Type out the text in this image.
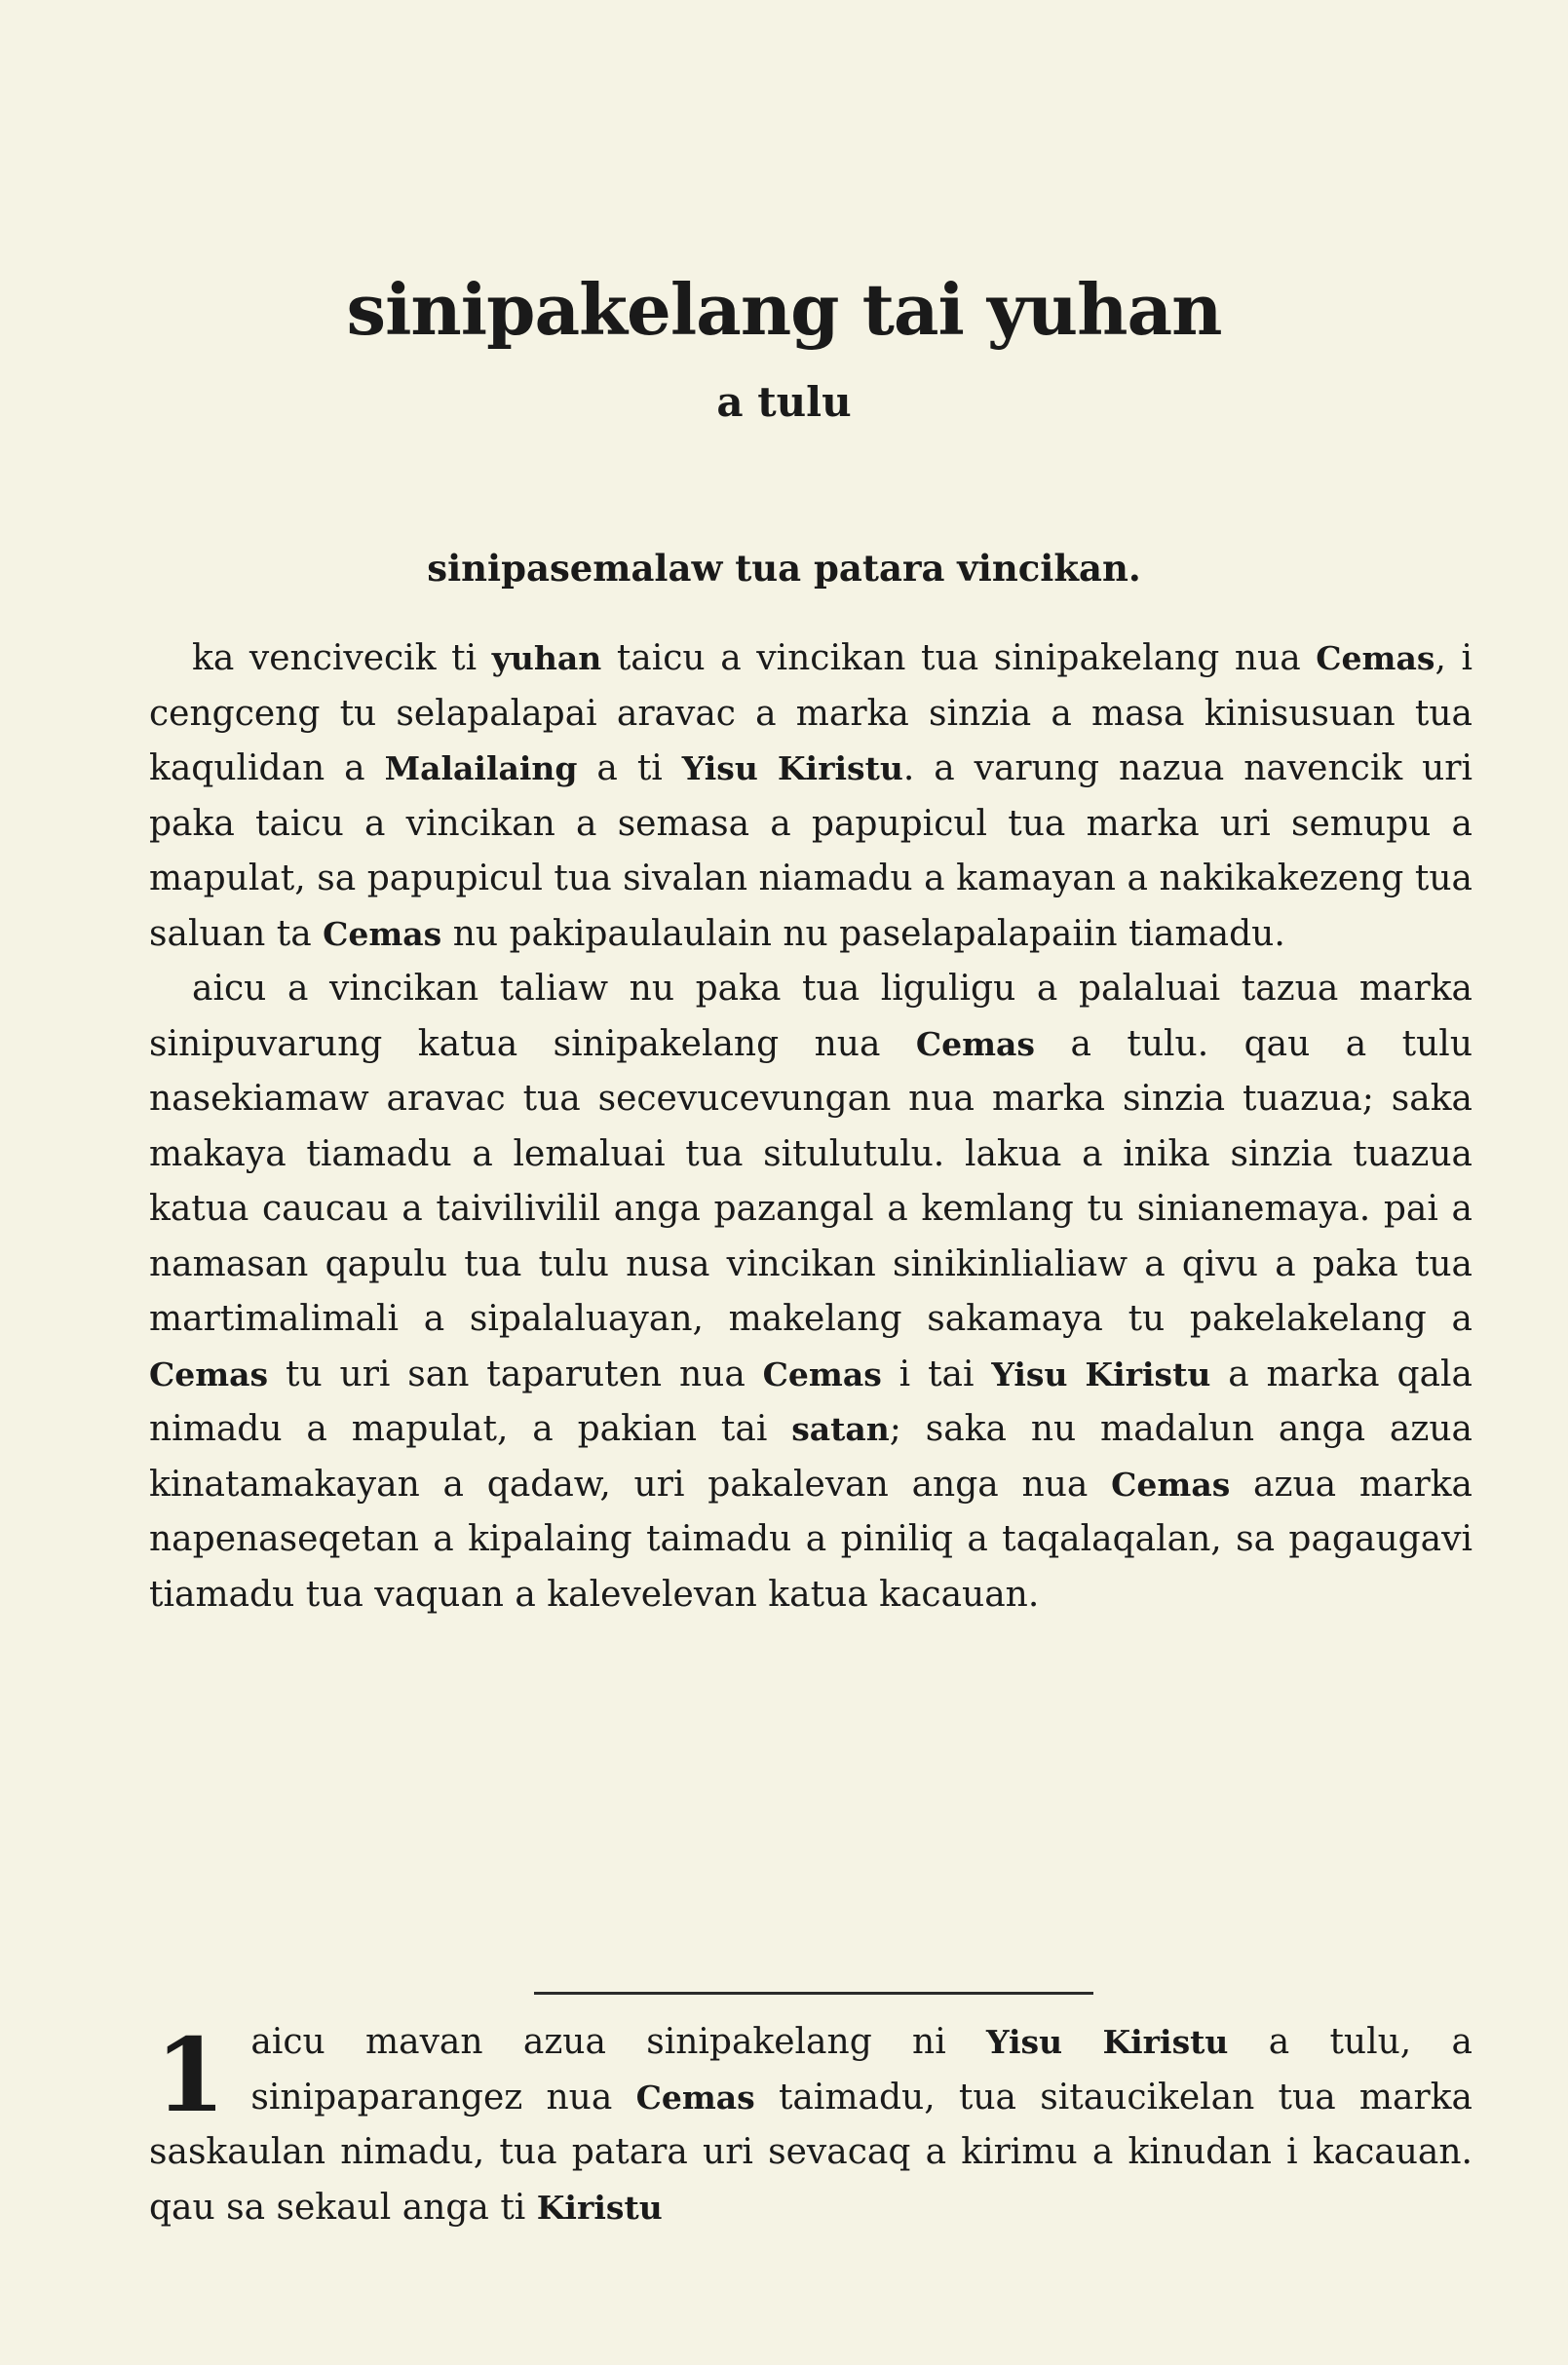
sinipakelang tai yuhan
a tulu
sinipasemalaw tua patara vincikan.

ka vencivecik ti yuhan taicu a vincikan tua sinipakelang nua Cemas, i cengceng tu selapalapai aravac a marka sinzia a masa kinisusuan tua kaqulidan a Malailaing a ti Yisu Kiristu. a varung nazua navencik uri paka taicu a vincikan a semasa a papupicul tua marka uri semupu a mapulat, sa papupicul tua sivalan niamadu a kamayan a nakikakezeng tua saluan ta Cemas nu pakipaulaulain nu paselapalapaiin tiamadu.

aicu a vincikan taliaw nu paka tua liguligu a palaluai tazua marka sinipuvarung katua sinipakelang nua Cemas a tulu. qau a tulu nasekiamaw aravac tua secevucevungan nua marka sinzia tuazua; saka makaya tiamadu a lemaluai tua situlutulu. lakua a inika sinzia tuazua katua caucau a taivilivilil anga pazangal a kemlang tu sinianemaya. pai a namasan qapulu tua tulu nusa vincikan sinikinlialiaw a qivu a paka tua martimalimali a sipalaluayan, makelang sakamaya tu pakelakelang a Cemas tu uri san taparuten nua Cemas i tai Yisu Kiristu a marka qala nimadu a mapulat, a pakian tai satan; saka nu madalun anga azua kinatamakayan a qadaw, uri pakalevan anga nua Cemas azua marka napenaseqetan a kipalaing taimadu a piniliq a taqalaqalan, sa pagaugavi tiamadu tua vaquan a kalevelevan katua kacauan.

1 aicu mavan azua sinipakelang ni Yisu Kiristu a tulu, a sinipaparangez nua Cemas taimadu, tua sitaucikelan tua marka saskaulan nimadu, tua patara uri sevacaq a kirimu a kinudan i kacauan. qau sa sekaul anga ti Kiristu
